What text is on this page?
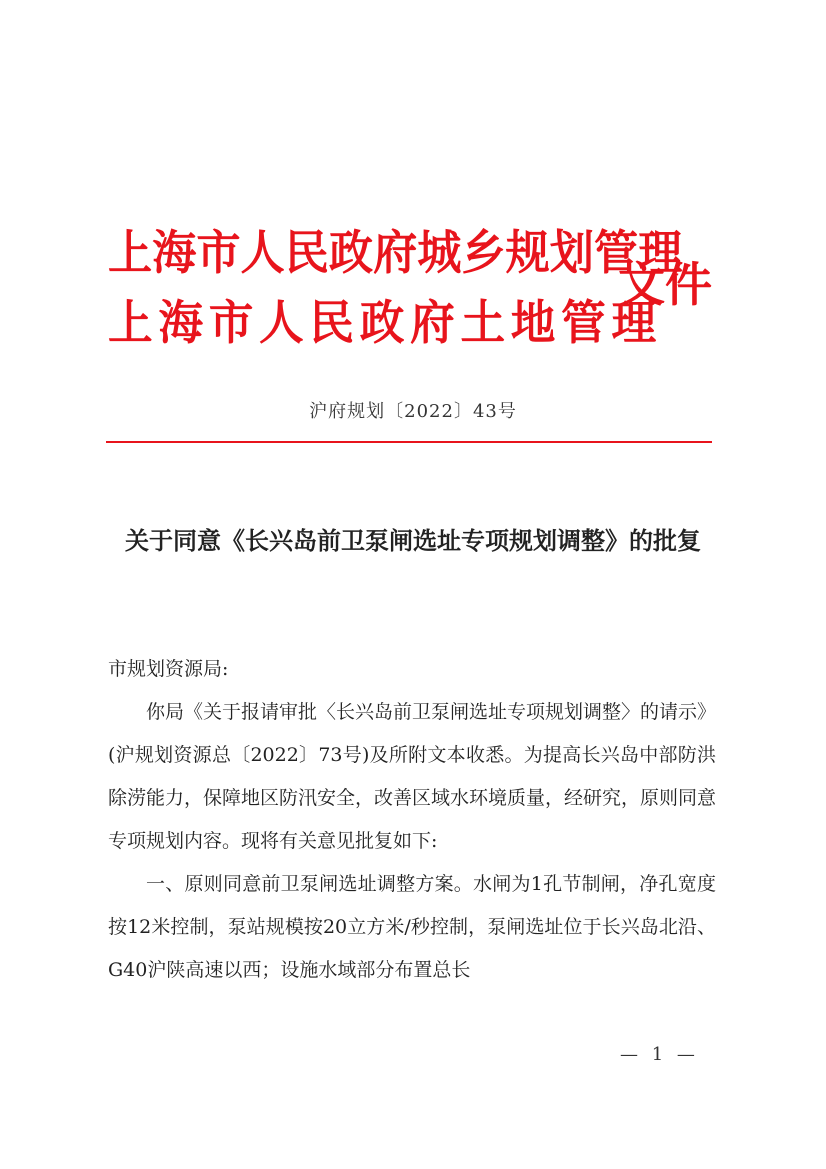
上海市人民政府城乡规划管理
上海市人民政府土地管理
文件
沪府规划〔2022〕43号
关于同意《长兴岛前卫泵闸选址专项规划调整》的批复

市规划资源局:

你局《关于报请审批〈长兴岛前卫泵闸选址专项规划调整〉的请示》(沪规划资源总〔2022〕73号)及所附文本收悉。为提高长兴岛中部防洪除涝能力，保障地区防汛安全，改善区域水环境质量，经研究，原则同意专项规划内容。现将有关意见批复如下:

一、原则同意前卫泵闸选址调整方案。水闸为1孔节制闸，净孔宽度按12米控制，泵站规模按20立方米/秒控制，泵闸选址位于长兴岛北沿、G40沪陕高速以西；设施水域部分布置总长

— 1 —
